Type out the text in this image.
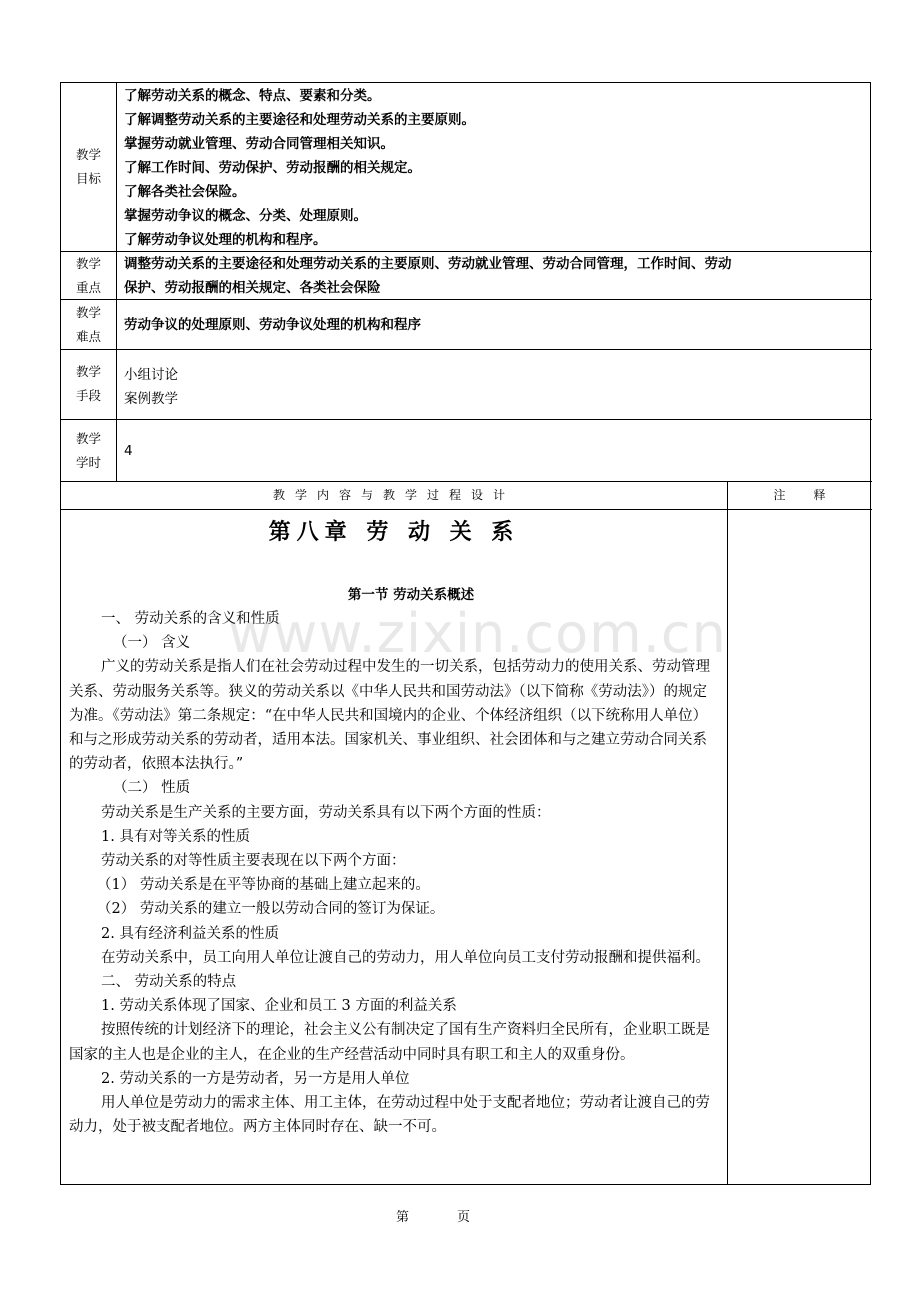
教学
目标
了解劳动关系的概念、特点、要素和分类。
了解调整劳动关系的主要途径和处理劳动关系的主要原则。
掌握劳动就业管理、劳动合同管理相关知识。
了解工作时间、劳动保护、劳动报酬的相关规定。
了解各类社会保险。
掌握劳动争议的概念、分类、处理原则。
了解劳动争议处理的机构和程序。
教学
重点
调整劳动关系的主要途径和处理劳动关系的主要原则、劳动就业管理、劳动合同管理，工作时间、劳动
保护、劳动报酬的相关规定、各类社会保险
教学
难点
劳动争议的处理原则、劳动争议处理的机构和程序
教学
手段
小组讨论
案例教学
教学
学时
4
教学内容与教学过程设计	注释
第八章 劳 动 关 系
第一节 劳动关系概述

一、 劳动关系的含义和性质

（一） 含义

广义的劳动关系是指人们在社会劳动过程中发生的一切关系，包括劳动力的使用关系、劳动管理关系、劳动服务关系等。狭义的劳动关系以《中华人民共和国劳动法》（以下简称《劳动法》）的规定为准。《劳动法》第二条规定：“在中华人民共和国境内的企业、个体经济组织（以下统称用人单位）和与之形成劳动关系的劳动者，适用本法。国家机关、事业组织、社会团体和与之建立劳动合同关系的劳动者，依照本法执行。”

（二） 性质

劳动关系是生产关系的主要方面，劳动关系具有以下两个方面的性质：

1. 具有对等关系的性质

劳动关系的对等性质主要表现在以下两个方面：

（1） 劳动关系是在平等协商的基础上建立起来的。

（2） 劳动关系的建立一般以劳动合同的签订为保证。

2. 具有经济利益关系的性质

在劳动关系中，员工向用人单位让渡自己的劳动力，用人单位向员工支付劳动报酬和提供福利。

二、 劳动关系的特点

1. 劳动关系体现了国家、企业和员工 3 方面的利益关系

按照传统的计划经济下的理论，社会主义公有制决定了国有生产资料归全民所有，企业职工既是国家的主人也是企业的主人，在企业的生产经营活动中同时具有职工和主人的双重身份。

2. 劳动关系的一方是劳动者，另一方是用人单位

用人单位是劳动力的需求主体、用工主体，在劳动过程中处于支配者地位；劳动者让渡自己的劳动力，处于被支配者地位。两方主体同时存在、缺一不可。

www.zixin.com.cn
第	页
